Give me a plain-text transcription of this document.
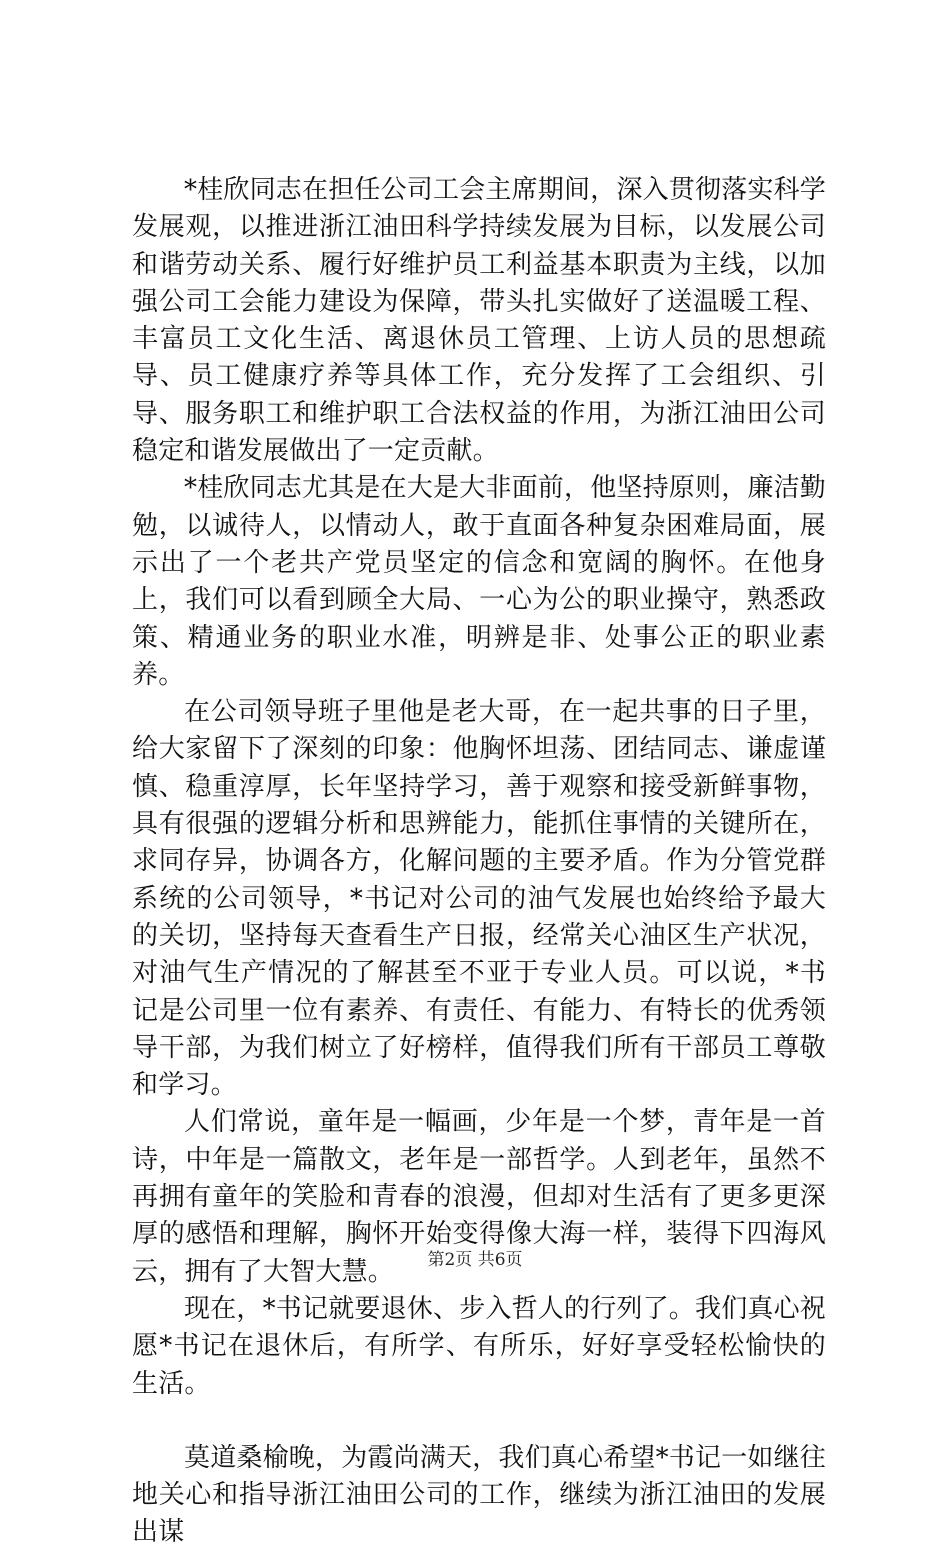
*桂欣同志在担任公司工会主席期间，深入贯彻落实科学发展观，以推进浙江油田科学持续发展为目标，以发展公司和谐劳动关系、履行好维护员工利益基本职责为主线，以加强公司工会能力建设为保障，带头扎实做好了送温暖工程、丰富员工文化生活、离退休员工管理、上访人员的思想疏导、员工健康疗养等具体工作，充分发挥了工会组织、引导、服务职工和维护职工合法权益的作用，为浙江油田公司稳定和谐发展做出了一定贡献。

*桂欣同志尤其是在大是大非面前，他坚持原则，廉洁勤勉，以诚待人，以情动人，敢于直面各种复杂困难局面，展示出了一个老共产党员坚定的信念和宽阔的胸怀。在他身上，我们可以看到顾全大局、一心为公的职业操守，熟悉政策、精通业务的职业水准，明辨是非、处事公正的职业素养。

在公司领导班子里他是老大哥，在一起共事的日子里，给大家留下了深刻的印象：他胸怀坦荡、团结同志、谦虚谨慎、稳重淳厚，长年坚持学习，善于观察和接受新鲜事物，具有很强的逻辑分析和思辨能力，能抓住事情的关键所在，求同存异，协调各方，化解问题的主要矛盾。作为分管党群系统的公司领导，*书记对公司的油气发展也始终给予最大的关切，坚持每天查看生产日报，经常关心油区生产状况，对油气生产情况的了解甚至不亚于专业人员。可以说，*书记是公司里一位有素养、有责任、有能力、有特长的优秀领导干部，为我们树立了好榜样，值得我们所有干部员工尊敬和学习。

人们常说，童年是一幅画，少年是一个梦，青年是一首诗，中年是一篇散文，老年是一部哲学。人到老年，虽然不再拥有童年的笑脸和青春的浪漫，但却对生活有了更多更深厚的感悟和理解，胸怀开始变得像大海一样，装得下四海风云，拥有了大智大慧。

现在，*书记就要退休、步入哲人的行列了。我们真心祝愿*书记在退休后，有所学、有所乐，好好享受轻松愉快的生活。

莫道桑榆晚，为霞尚满天，我们真心希望*书记一如继往地关心和指导浙江油田公司的工作，继续为浙江油田的发展出谋

第2页 共6页
